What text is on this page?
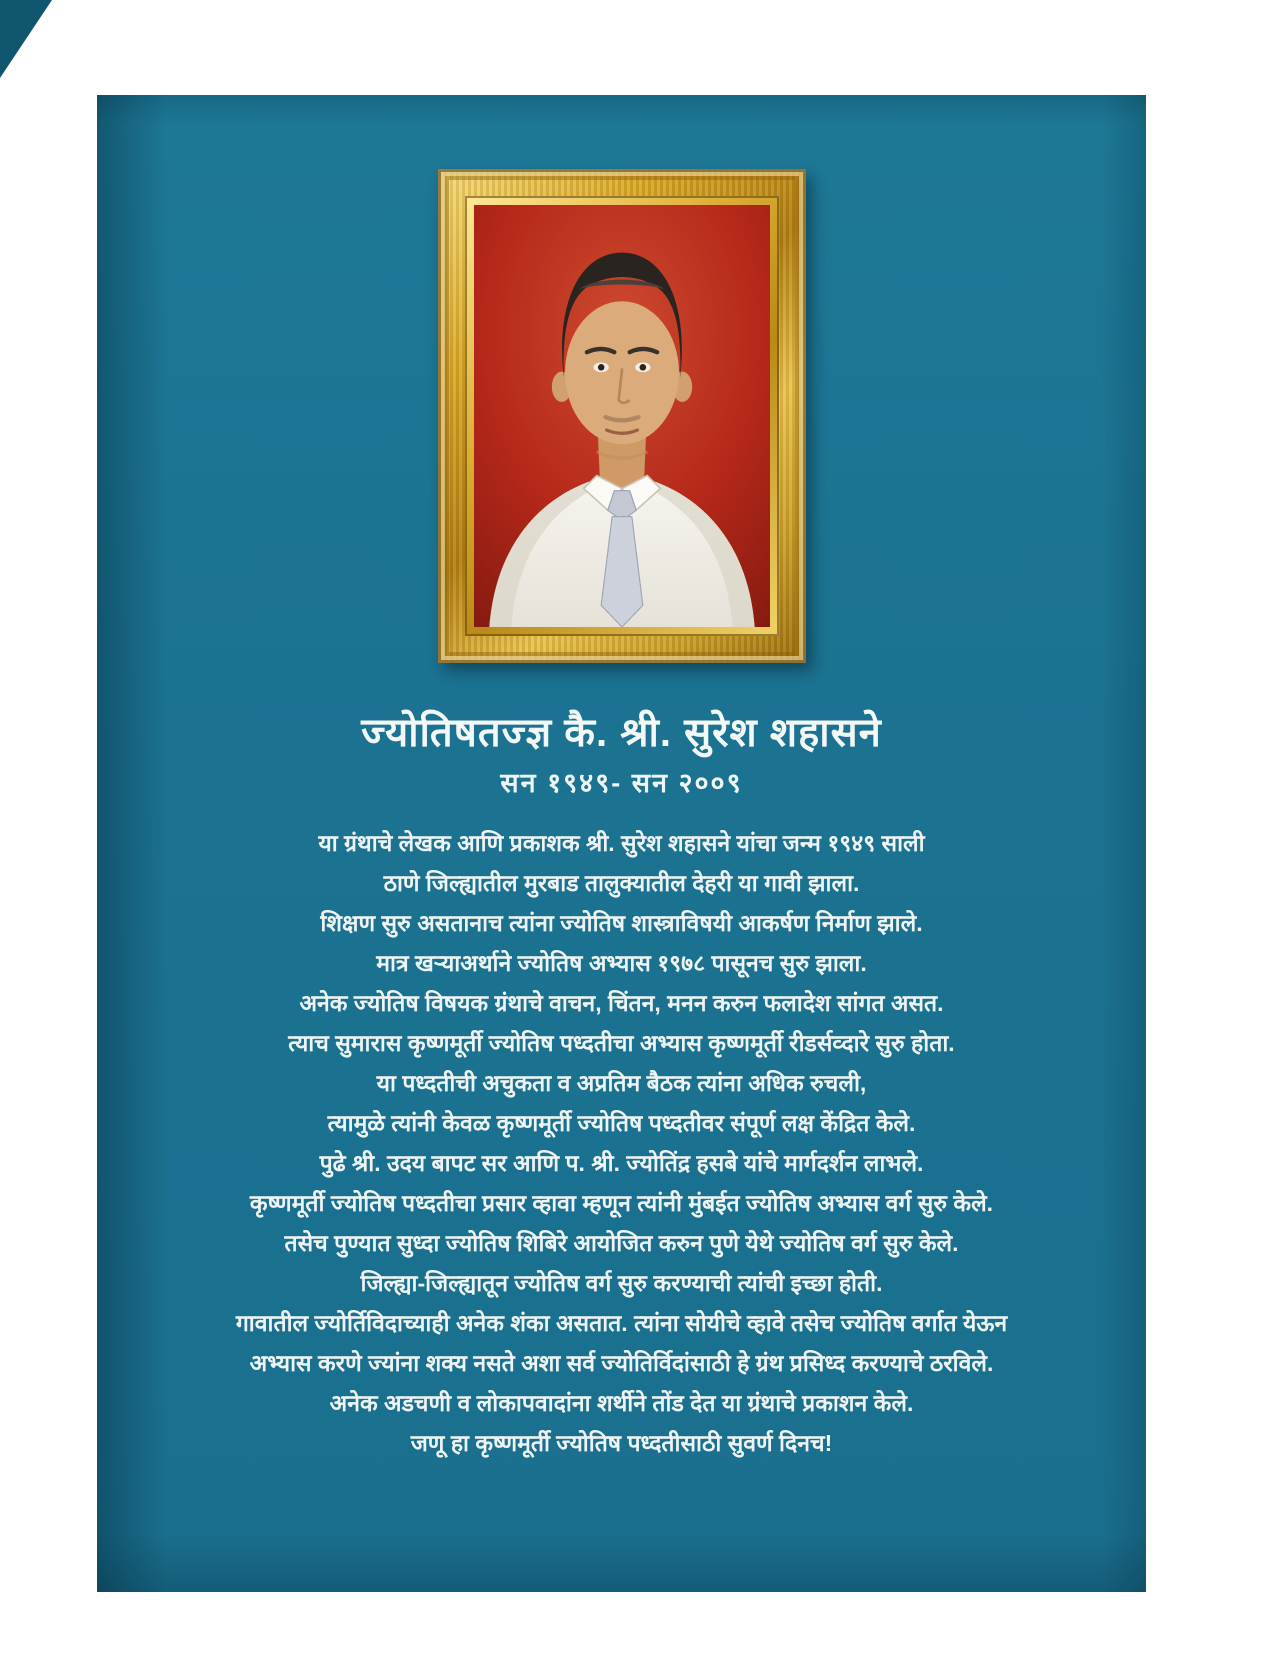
ज्योतिषतज्ज्ञ कै. श्री. सुरेश शहासने
सन १९४९- सन २००९
या ग्रंथाचे लेखक आणि प्रकाशक श्री. सुरेश शहासने यांचा जन्म १९४९ साली
ठाणे जिल्ह्यातील मुरबाड तालुक्यातील देहरी या गावी झाला.
शिक्षण सुरु असतानाच त्यांना ज्योतिष शास्त्राविषयी आकर्षण निर्माण झाले.
मात्र खऱ्याअर्थाने ज्योतिष अभ्यास १९७८ पासूनच सुरु झाला.
अनेक ज्योतिष विषयक ग्रंथाचे वाचन, चिंतन, मनन करुन फलादेश सांगत असत.
त्याच सुमारास कृष्णमूर्ती ज्योतिष पध्दतीचा अभ्यास कृष्णमूर्ती रीडर्सव्दारे सुरु होता.
या पध्दतीची अचुकता व अप्रतिम बैठक त्यांना अधिक रुचली,
त्यामुळे त्यांनी केवळ कृष्णमूर्ती ज्योतिष पध्दतीवर संपूर्ण लक्ष केंद्रित केले.
पुढे श्री. उदय बापट सर आणि प. श्री. ज्योतिंद्र हसबे यांचे मार्गदर्शन लाभले.
कृष्णमूर्ती ज्योतिष पध्दतीचा प्रसार व्हावा म्हणून त्यांनी मुंबईत ज्योतिष अभ्यास वर्ग सुरु केले.
तसेच पुण्यात सुध्दा ज्योतिष शिबिरे आयोजित करुन पुणे येथे ज्योतिष वर्ग सुरु केले.
जिल्ह्या-जिल्ह्यातून ज्योतिष वर्ग सुरु करण्याची त्यांची इच्छा होती.
गावातील ज्योर्तिविदाच्याही अनेक शंका असतात. त्यांना सोयीचे व्हावे तसेच ज्योतिष वर्गात येऊन
अभ्यास करणे ज्यांना शक्य नसते अशा सर्व ज्योतिर्विदांसाठी हे ग्रंथ प्रसिध्द करण्याचे ठरविले.
अनेक अडचणी व लोकापवादांना शर्थीने तोंड देत या ग्रंथाचे प्रकाशन केले.
जणू हा कृष्णमूर्ती ज्योतिष पध्दतीसाठी सुवर्ण दिनच!
